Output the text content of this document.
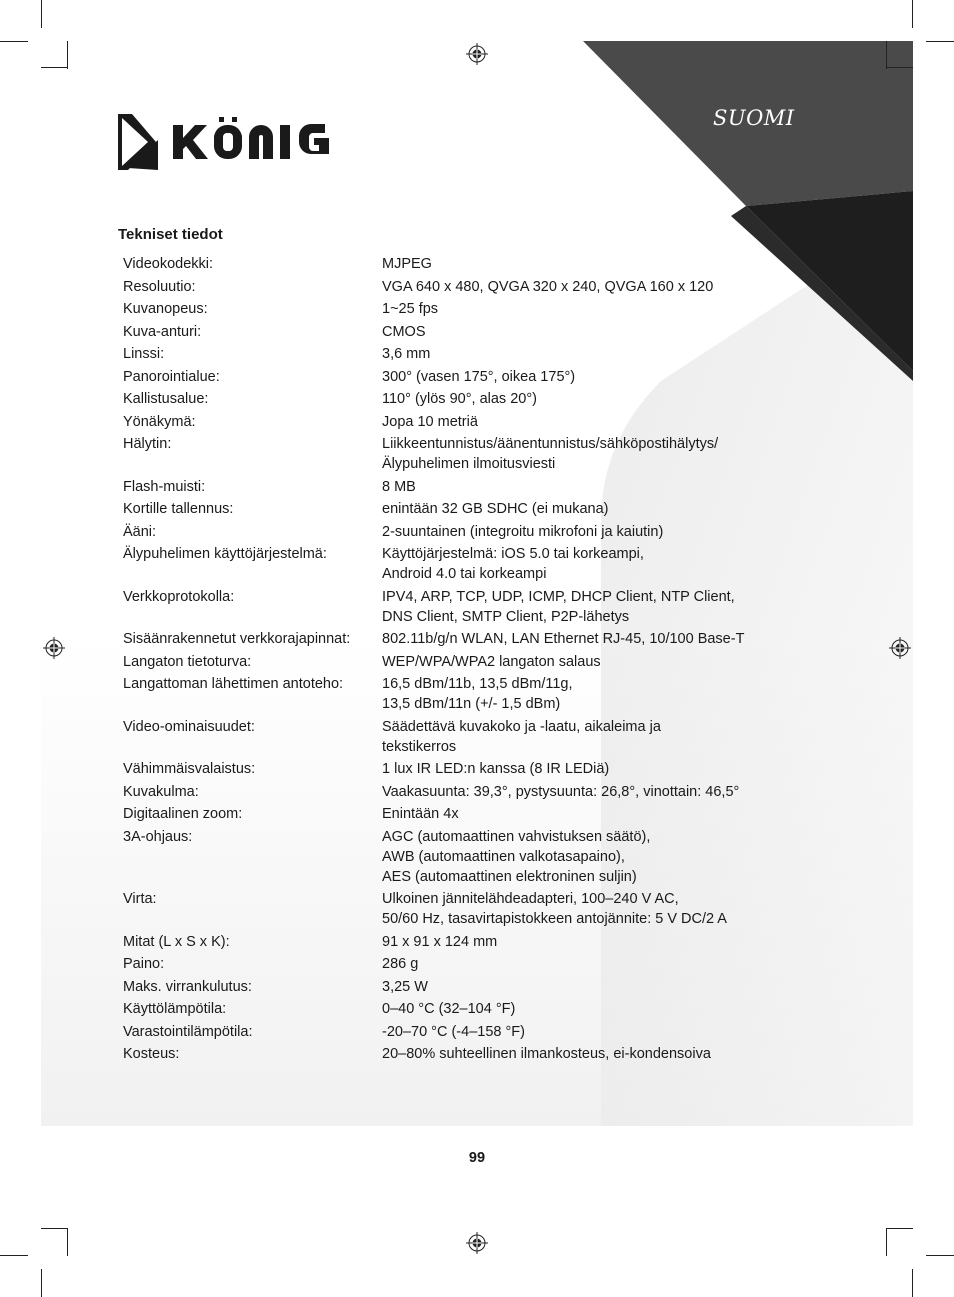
SUOMI
Tekniset tiedot
Videokodekki:	MJPEG

Resoluutio:	VGA 640 x 480, QVGA 320 x 240, QVGA 160 x 120

Kuvanopeus:	1~25 fps

Kuva-anturi:	CMOS

Linssi:	3,6 mm

Panorointialue:	300° (vasen 175°, oikea 175°)

Kallistusalue:	110° (ylös 90°, alas 20°)

Yönäkymä:	Jopa 10 metriä

Hälytin:	Liikkeentunnistus/äänentunnistus/sähköpostihälytys/
Älypuhelimen ilmoitusviesti

Flash-muisti:	8 MB

Kortille tallennus:	enintään 32 GB SDHC (ei mukana)

Ääni:	2-suuntainen (integroitu mikrofoni ja kaiutin)

Älypuhelimen käyttöjärjestelmä:	Käyttöjärjestelmä: iOS 5.0 tai korkeampi,
Android 4.0 tai korkeampi

Verkkoprotokolla:	IPV4, ARP, TCP, UDP, ICMP, DHCP Client, NTP Client,
DNS Client, SMTP Client, P2P-lähetys

Sisäänrakennetut verkkorajapinnat:	802.11b/g/n WLAN, LAN Ethernet RJ-45, 10/100 Base-T

Langaton tietoturva:	WEP/WPA/WPA2 langaton salaus

Langattoman lähettimen antoteho:	16,5 dBm/11b, 13,5 dBm/11g,
13,5 dBm/11n (+/- 1,5 dBm)

Video-ominaisuudet:	Säädettävä kuvakoko ja -laatu, aikaleima ja
tekstikerros

Vähimmäisvalaistus:	1 lux IR LED:n kanssa (8 IR LEDiä)

Kuvakulma:	Vaakasuunta: 39,3°, pystysuunta: 26,8°, vinottain: 46,5°

Digitaalinen zoom:	Enintään 4x

3A-ohjaus:	AGC (automaattinen vahvistuksen säätö),
AWB (automaattinen valkotasapaino),
AES (automaattinen elektroninen suljin)

Virta:	Ulkoinen jännitelähdeadapteri, 100–240 V AC,
50/60 Hz, tasavirtapistokkeen antojännite: 5 V DC/2 A

Mitat (L x S x K):	91 x 91 x 124 mm

Paino:	286 g

Maks. virrankulutus:	3,25 W

Käyttölämpötila:	0–40 °C (32–104 °F)

Varastointilämpötila:	-20–70 °C (-4–158 °F)

Kosteus:	20–80% suhteellinen ilmankosteus, ei-kondensoiva
99
